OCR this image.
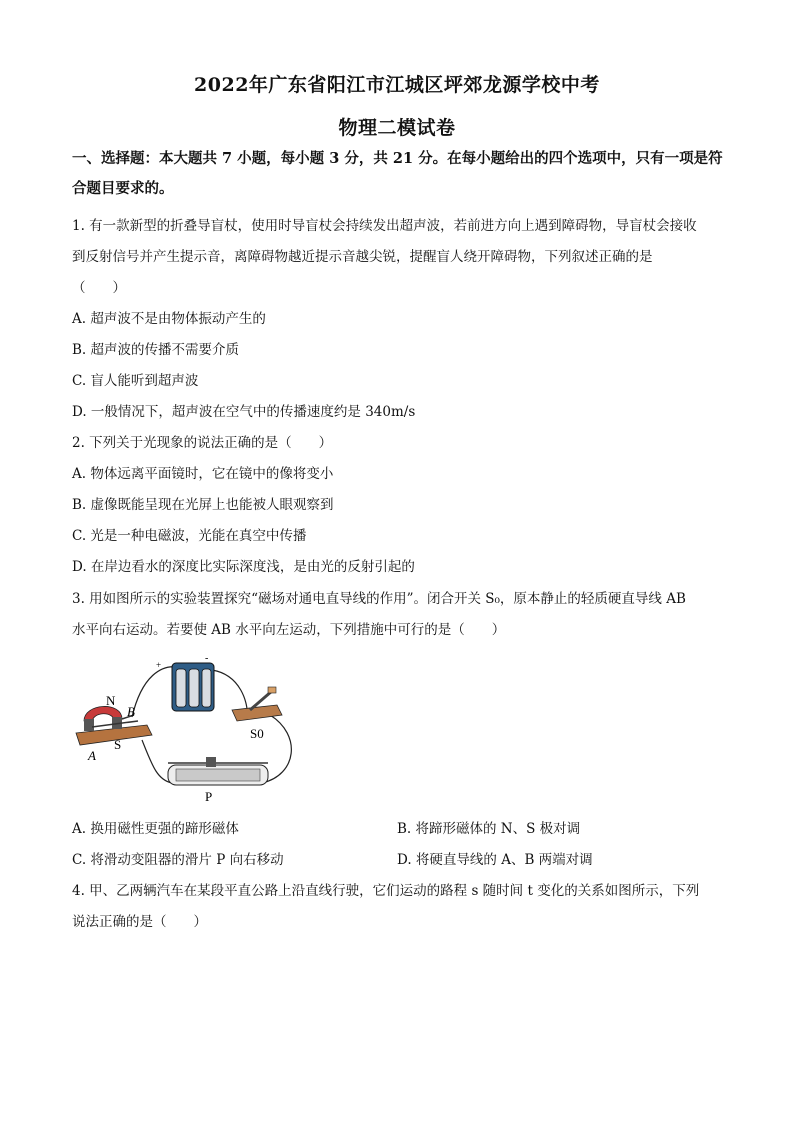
2022年广东省阳江市江城区坪郊龙源学校中考
物理二模试卷
一、选择题：本大题共 7 小题，每小题 3 分，共 21 分。在每小题给出的四个选项中，只有一项是符合题目要求的。
1. 有一款新型的折叠导盲杖，使用时导盲杖会持续发出超声波，若前进方向上遇到障碍物，导盲杖会接收
到反射信号并产生提示音，离障碍物越近提示音越尖锐，提醒盲人绕开障碍物，下列叙述正确的是
（　　）
A. 超声波不是由物体振动产生的
B. 超声波的传播不需要介质
C. 盲人能听到超声波
D. 一般情况下，超声波在空气中的传播速度约是 340m/s
2. 下列关于光现象的说法正确的是（　　）
A. 物体远离平面镜时，它在镜中的像将变小
B. 虚像既能呈现在光屏上也能被人眼观察到
C. 光是一种电磁波，光能在真空中传播
D. 在岸边看水的深度比实际深度浅，是由光的反射引起的
3. 用如图所示的实验装置探究“磁场对通电直导线的作用”。闭合开关 S₀，原本静止的轻质硬直导线 AB
水平向右运动。若要使 AB 水平向左运动，下列措施中可行的是（　　）
+
-
S0
N
S
B
A
P
A. 换用磁性更强的蹄形磁体	B. 将蹄形磁体的 N、S 极对调
C. 将滑动变阻器的滑片 P 向右移动	D. 将硬直导线的 A、B 两端对调
4. 甲、乙两辆汽车在某段平直公路上沿直线行驶，它们运动的路程 s 随时间 t 变化的关系如图所示，下列
说法正确的是（　　）
